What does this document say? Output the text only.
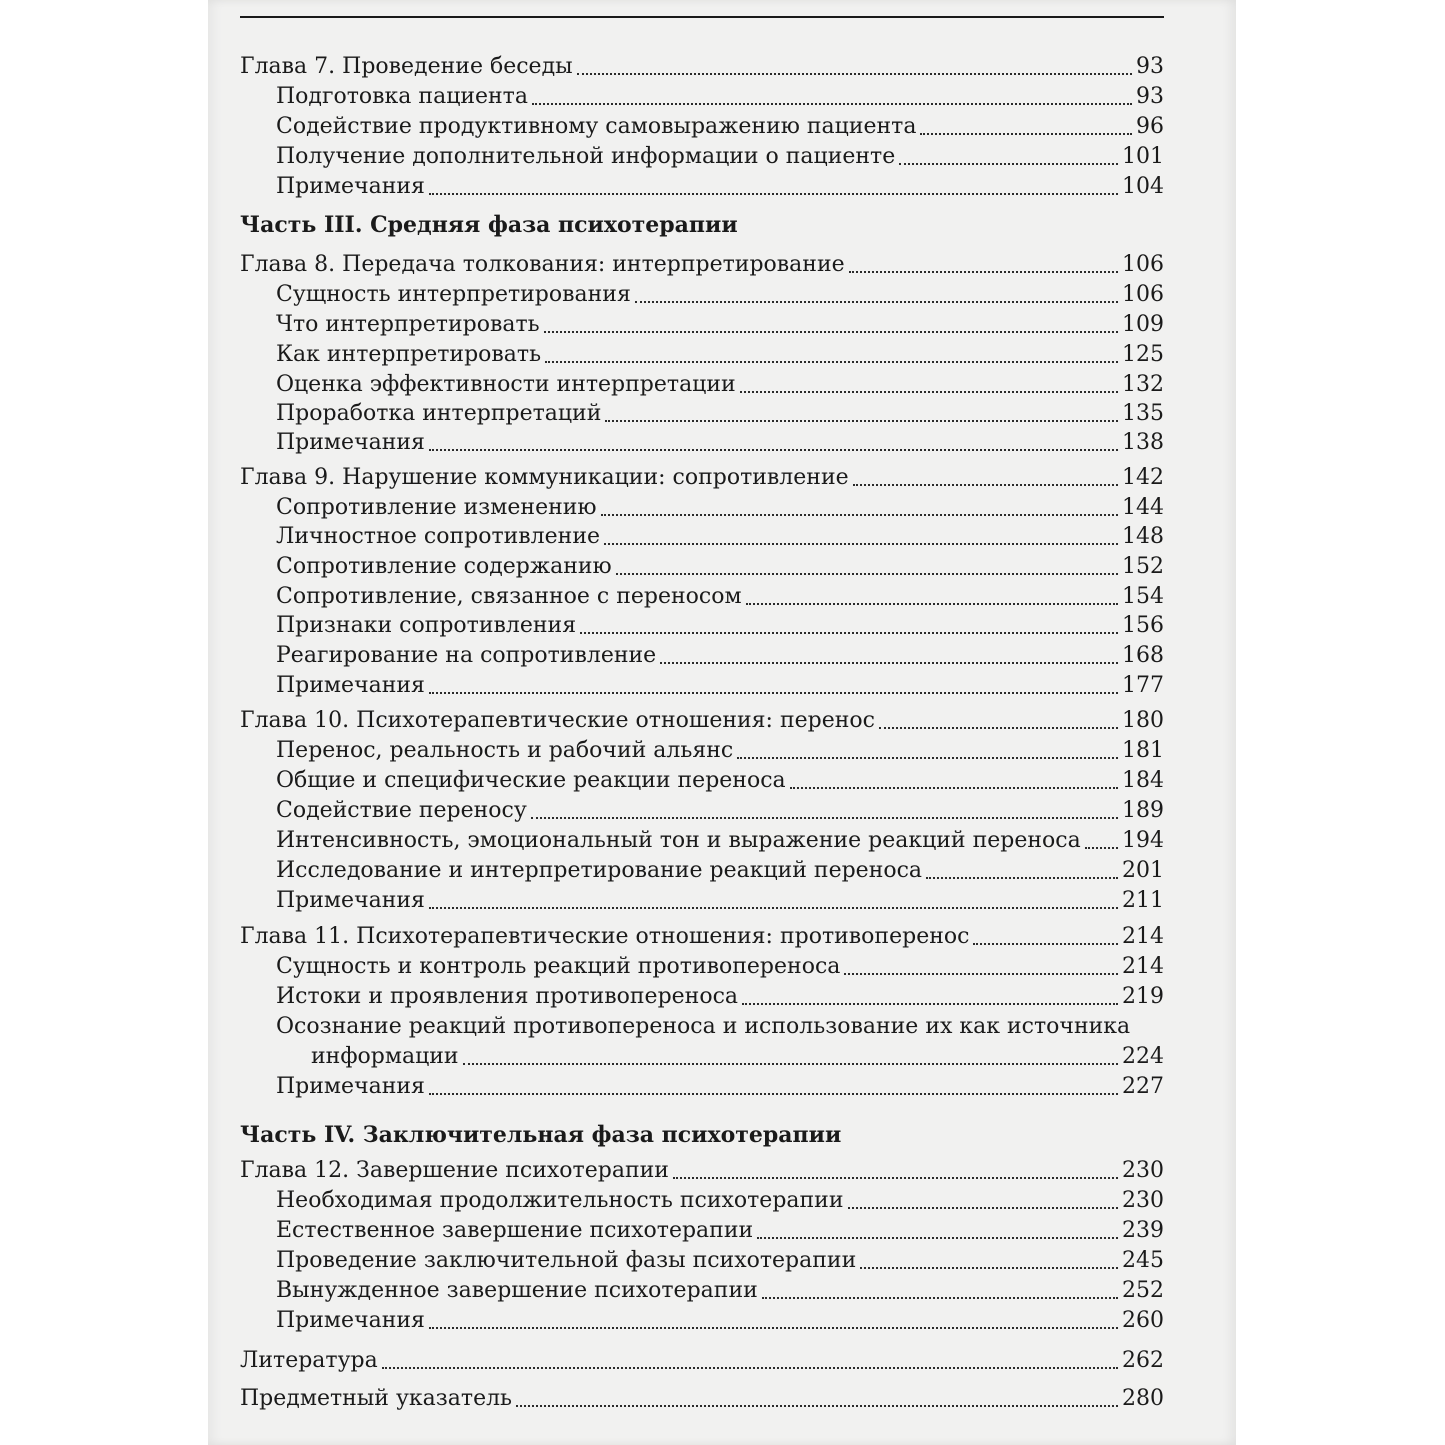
Глава 7. Проведение беседы	93
Подготовка пациента	93
Содействие продуктивному самовыражению пациента	96
Получение дополнительной информации о пациенте	101
Примечания	104
Часть III. Средняя фаза психотерапии
Глава 8. Передача толкования: интерпретирование	106
Сущность интерпретирования	106
Что интерпретировать	109
Как интерпретировать	125
Оценка эффективности интерпретации	132
Проработка интерпретаций	135
Примечания	138
Глава 9. Нарушение коммуникации: сопротивление	142
Сопротивление изменению	144
Личностное сопротивление	148
Сопротивление содержанию	152
Сопротивление, связанное с переносом	154
Признаки сопротивления	156
Реагирование на сопротивление	168
Примечания	177
Глава 10. Психотерапевтические отношения: перенос	180
Перенос, реальность и рабочий альянс	181
Общие и специфические реакции переноса	184
Содействие переносу	189
Интенсивность, эмоциональный тон и выражение реакций переноса 194
Исследование и интерпретирование реакций переноса	201
Примечания	211
Глава 11. Психотерапевтические отношения: противоперенос	214
Сущность и контроль реакций противопереноса	214
Истоки и проявления противопереноса	219
Осознание реакций противопереноса и использование их как источника
информации	224
Примечания	227
Часть IV. Заключительная фаза психотерапии
Глава 12. Завершение психотерапии	230
Необходимая продолжительность психотерапии	230
Естественное завершение психотерапии	239
Проведение заключительной фазы психотерапии	245
Вынужденное завершение психотерапии	252
Примечания	260
Литература	262
Предметный указатель	280
